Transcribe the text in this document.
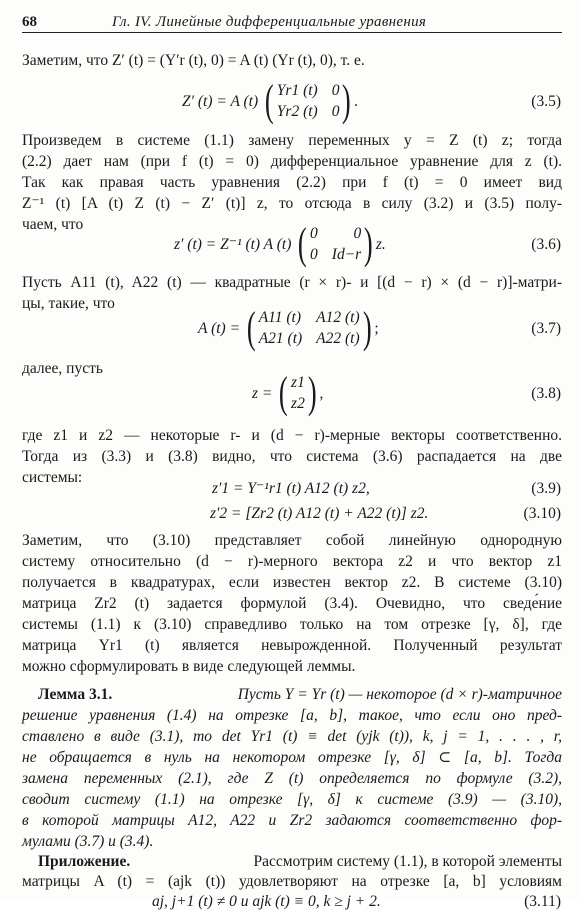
68	Гл. IV. Линейные дифференциальные уравнения
Заметим, что Z′ (t) = (Y′r (t), 0) = A (t) (Yr (t), 0), т. е.
Z′ (t) = A (t) ( Yr1 (t) 0
Yr2 (t) 0 ) .	(3.5)
Произведем в системе (1.1) замену переменных y = Z (t) z; тогда
(2.2) дает нам (при f (t) = 0) дифференциальное уравнение для z (t).
Так как правая часть уравнения (2.2) при f (t) = 0 имеет вид
Z⁻¹ (t) [A (t) Z (t) − Z′ (t)] z, то отсюда в силу (3.2) и (3.5) полу-
чаем, что
z′ (t) = Z⁻¹ (t) A (t) ( 0 0
0 Id−r ) z.	(3.6)
Пусть A11 (t), A22 (t) — квадратные (r × r)- и [(d − r) × (d − r)]-матри-
цы, такие, что
A (t) = ( A11 (t) A12 (t)
A21 (t) A22 (t) ) ;	(3.7)
далее, пусть
z = ( z1
z2 ) ,	(3.8)
где z1 и z2 — некоторые r- и (d − r)-мерные векторы соответственно.
Тогда из (3.3) и (3.8) видно, что система (3.6) распадается на две
системы:
z′1 = Y⁻¹r1 (t) A12 (t) z2,	(3.9)
z′2 = [Zr2 (t) A12 (t) + A22 (t)] z2.	(3.10)
Заметим, что (3.10) представляет собой линейную однородную
систему относительно (d − r)-мерного вектора z2 и что вектор z1
получается в квадратурах, если известен вектор z2. В системе (3.10)
матрица Zr2 (t) задается формулой (3.4). Очевидно, что сведе́ние
системы (1.1) к (3.10) справедливо только на том отрезке [γ, δ], где
матрица Yr1 (t) является невырожденной. Полученный результат
можно сформулировать в виде следующей леммы.
Лемма 3.1.	Пусть Y = Yr (t) — некоторое (d × r)-матричное
решение уравнения (1.4) на отрезке [a, b], такое, что если оно пред-
ставлено в виде (3.1), то det Yr1 (t) ≡ det (yjk (t)), k, j = 1, . . . , r,
не обращается в нуль на некотором отрезке [γ, δ] ⊂ [a, b]. Тогда
замена переменных (2.1), где Z (t) определяется по формуле (3.2),
сводит систему (1.1) на отрезке [γ, δ] к системе (3.9) — (3.10),
в которой матрицы A12, A22 и Zr2 задаются соответственно фор-
мулами (3.7) и (3.4).
Приложение.	Рассмотрим систему (1.1), в которой элементы
матрицы A (t) = (ajk (t)) удовлетворяют на отрезке [a, b] условиям
aj, j+1 (t) ≠ 0 и ajk (t) ≡ 0, k ≥ j + 2.	(3.11)
